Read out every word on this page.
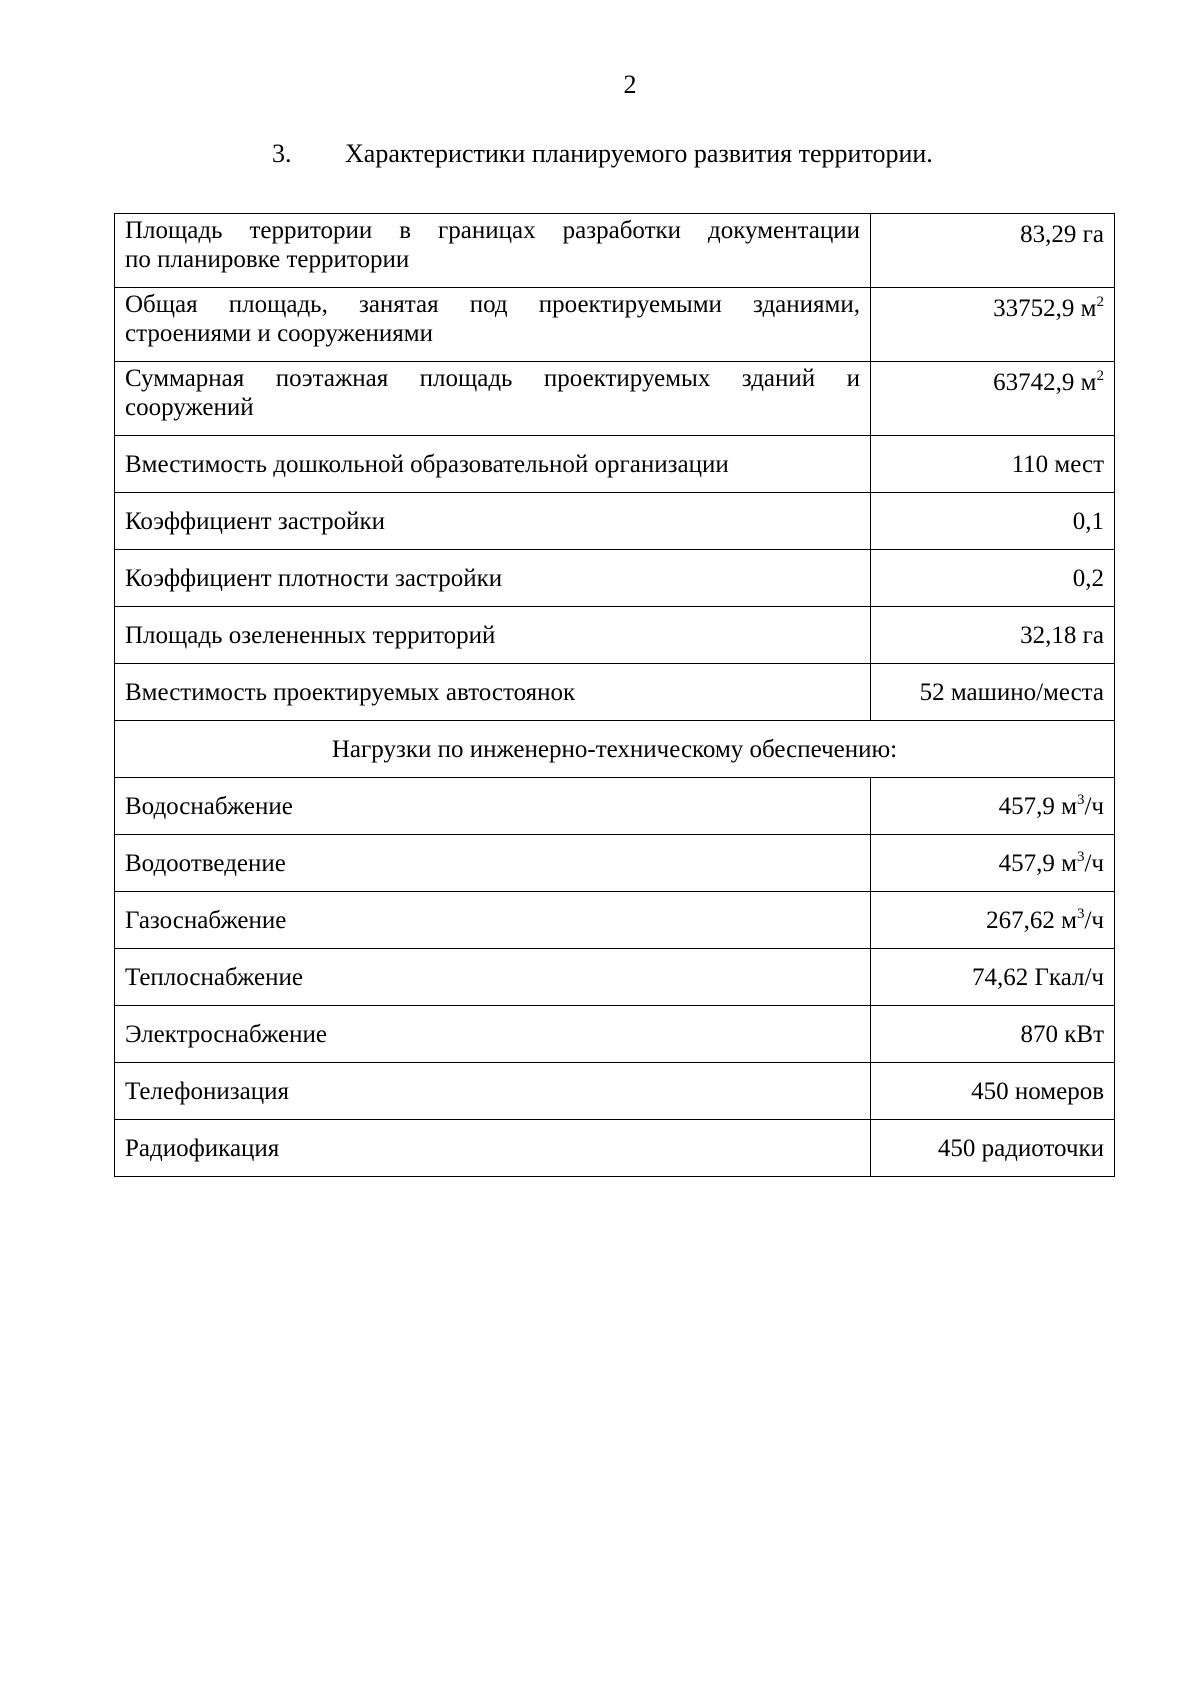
2
3. Характеристики планируемого развития территории.
Площадь территории в границах разработки документации
по планировке территории	83,29 га

Общая площадь, занятая под проектируемыми зданиями,
строениями и сооружениями	33752,9 $м^2$

Суммарная поэтажная площадь проектируемых зданий и
сооружений	63742,9 $м^2$
Вместимость дошкольной образовательной организации	110 мест
Коэффициент застройки	0,1
Коэффициент плотности застройки	0,2
Площадь озелененных территорий	32,18 га
Вместимость проектируемых автостоянок	52 машино/места
Нагрузки по инженерно-техническому обеспечению:	
Водоснабжение	457,9 $м^3/ч$
Водоотведение	457,9 $м^3/ч$
Газоснабжение	267,62 $м^3/ч$
Теплоснабжение	74,62 Гкал/ч
Электроснабжение	870 кВт
Телефонизация	450 номеров
Радиофикация	450 радиоточки
